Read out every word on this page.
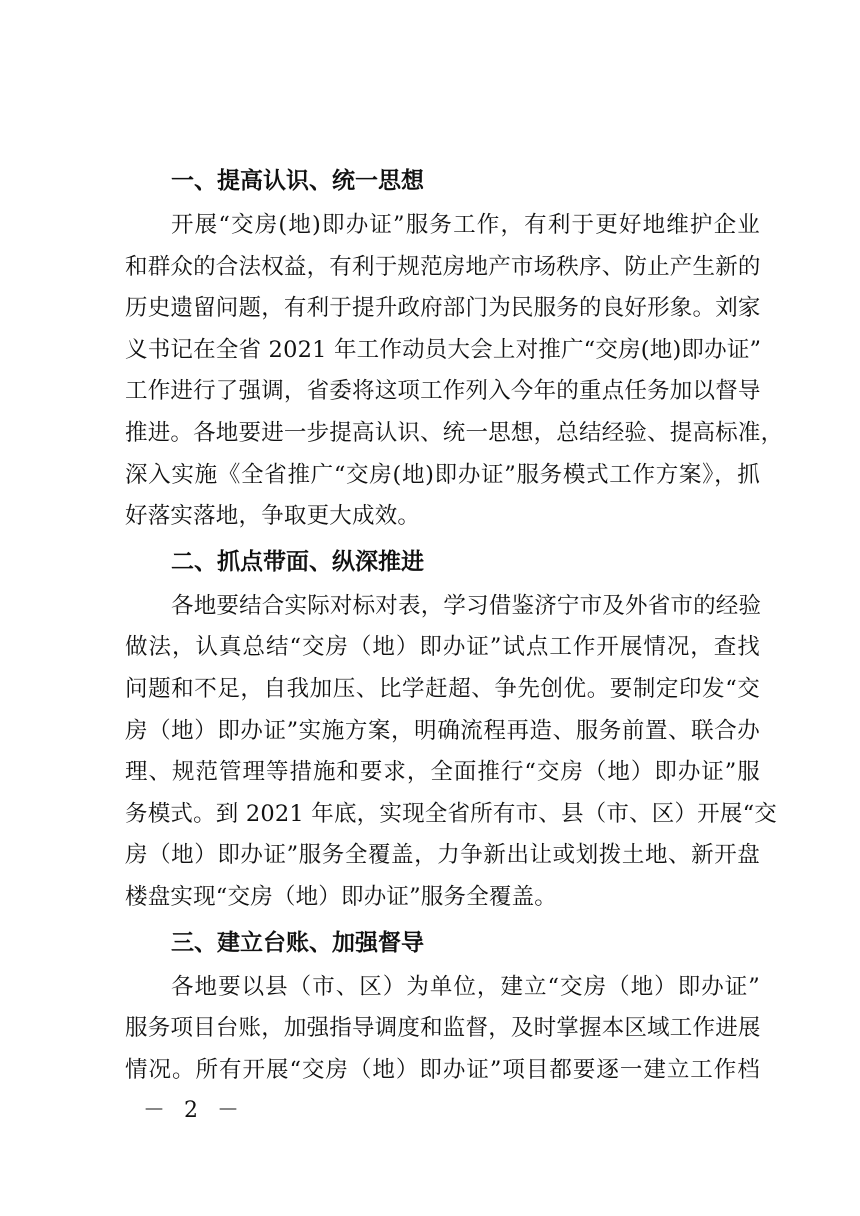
一、提高认识、统一思想
开展“交房(地)即办证”服务工作，有利于更好地维护企业
和群众的合法权益，有利于规范房地产市场秩序、防止产生新的
历史遗留问题，有利于提升政府部门为民服务的良好形象。刘家
义书记在全省 2021 年工作动员大会上对推广“交房(地)即办证”
工作进行了强调，省委将这项工作列入今年的重点任务加以督导
推进。各地要进一步提高认识、统一思想，总结经验、提高标准，
深入实施《全省推广“交房(地)即办证”服务模式工作方案》，抓
好落实落地，争取更大成效。
二、抓点带面、纵深推进
各地要结合实际对标对表，学习借鉴济宁市及外省市的经验
做法，认真总结“交房（地）即办证”试点工作开展情况，查找
问题和不足，自我加压、比学赶超、争先创优。要制定印发“交
房（地）即办证”实施方案，明确流程再造、服务前置、联合办
理、规范管理等措施和要求，全面推行“交房（地）即办证”服
务模式。到 2021 年底，实现全省所有市、县（市、区）开展“交
房（地）即办证”服务全覆盖，力争新出让或划拨土地、新开盘
楼盘实现“交房（地）即办证”服务全覆盖。
三、建立台账、加强督导
各地要以县（市、区）为单位，建立“交房（地）即办证”
服务项目台账，加强指导调度和监督，及时掌握本区域工作进展
情况。所有开展“交房（地）即办证”项目都要逐一建立工作档
－ 2 －
